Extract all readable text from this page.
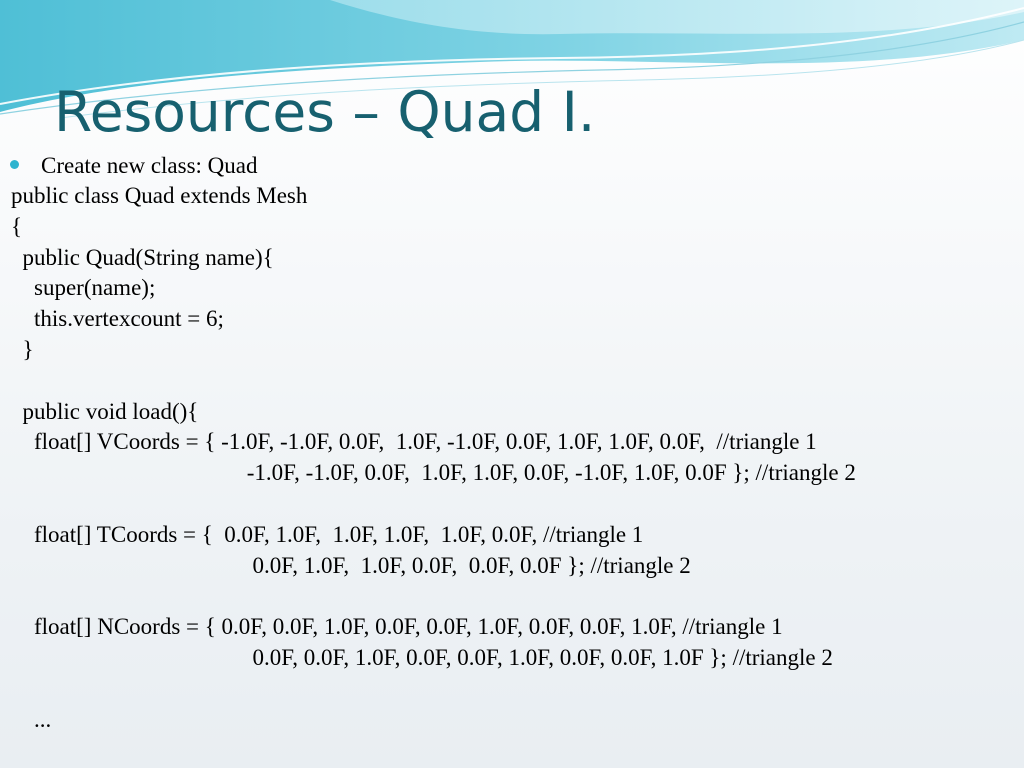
Resources – Quad I.
Create new class: Quad
public class Quad extends Mesh
{
public Quad(String name){
super(name);
this.vertexcount = 6;
}
public void load(){
float[] VCoords = { -1.0F, -1.0F, 0.0F,  1.0F, -1.0F, 0.0F, 1.0F, 1.0F, 0.0F,  //triangle 1
-1.0F, -1.0F, 0.0F,  1.0F, 1.0F, 0.0F, -1.0F, 1.0F, 0.0F }; //triangle 2
float[] TCoords = {  0.0F, 1.0F,  1.0F, 1.0F,  1.0F, 0.0F, //triangle 1
0.0F, 1.0F,  1.0F, 0.0F,  0.0F, 0.0F }; //triangle 2
float[] NCoords = { 0.0F, 0.0F, 1.0F, 0.0F, 0.0F, 1.0F, 0.0F, 0.0F, 1.0F, //triangle 1
0.0F, 0.0F, 1.0F, 0.0F, 0.0F, 1.0F, 0.0F, 0.0F, 1.0F }; //triangle 2
...
